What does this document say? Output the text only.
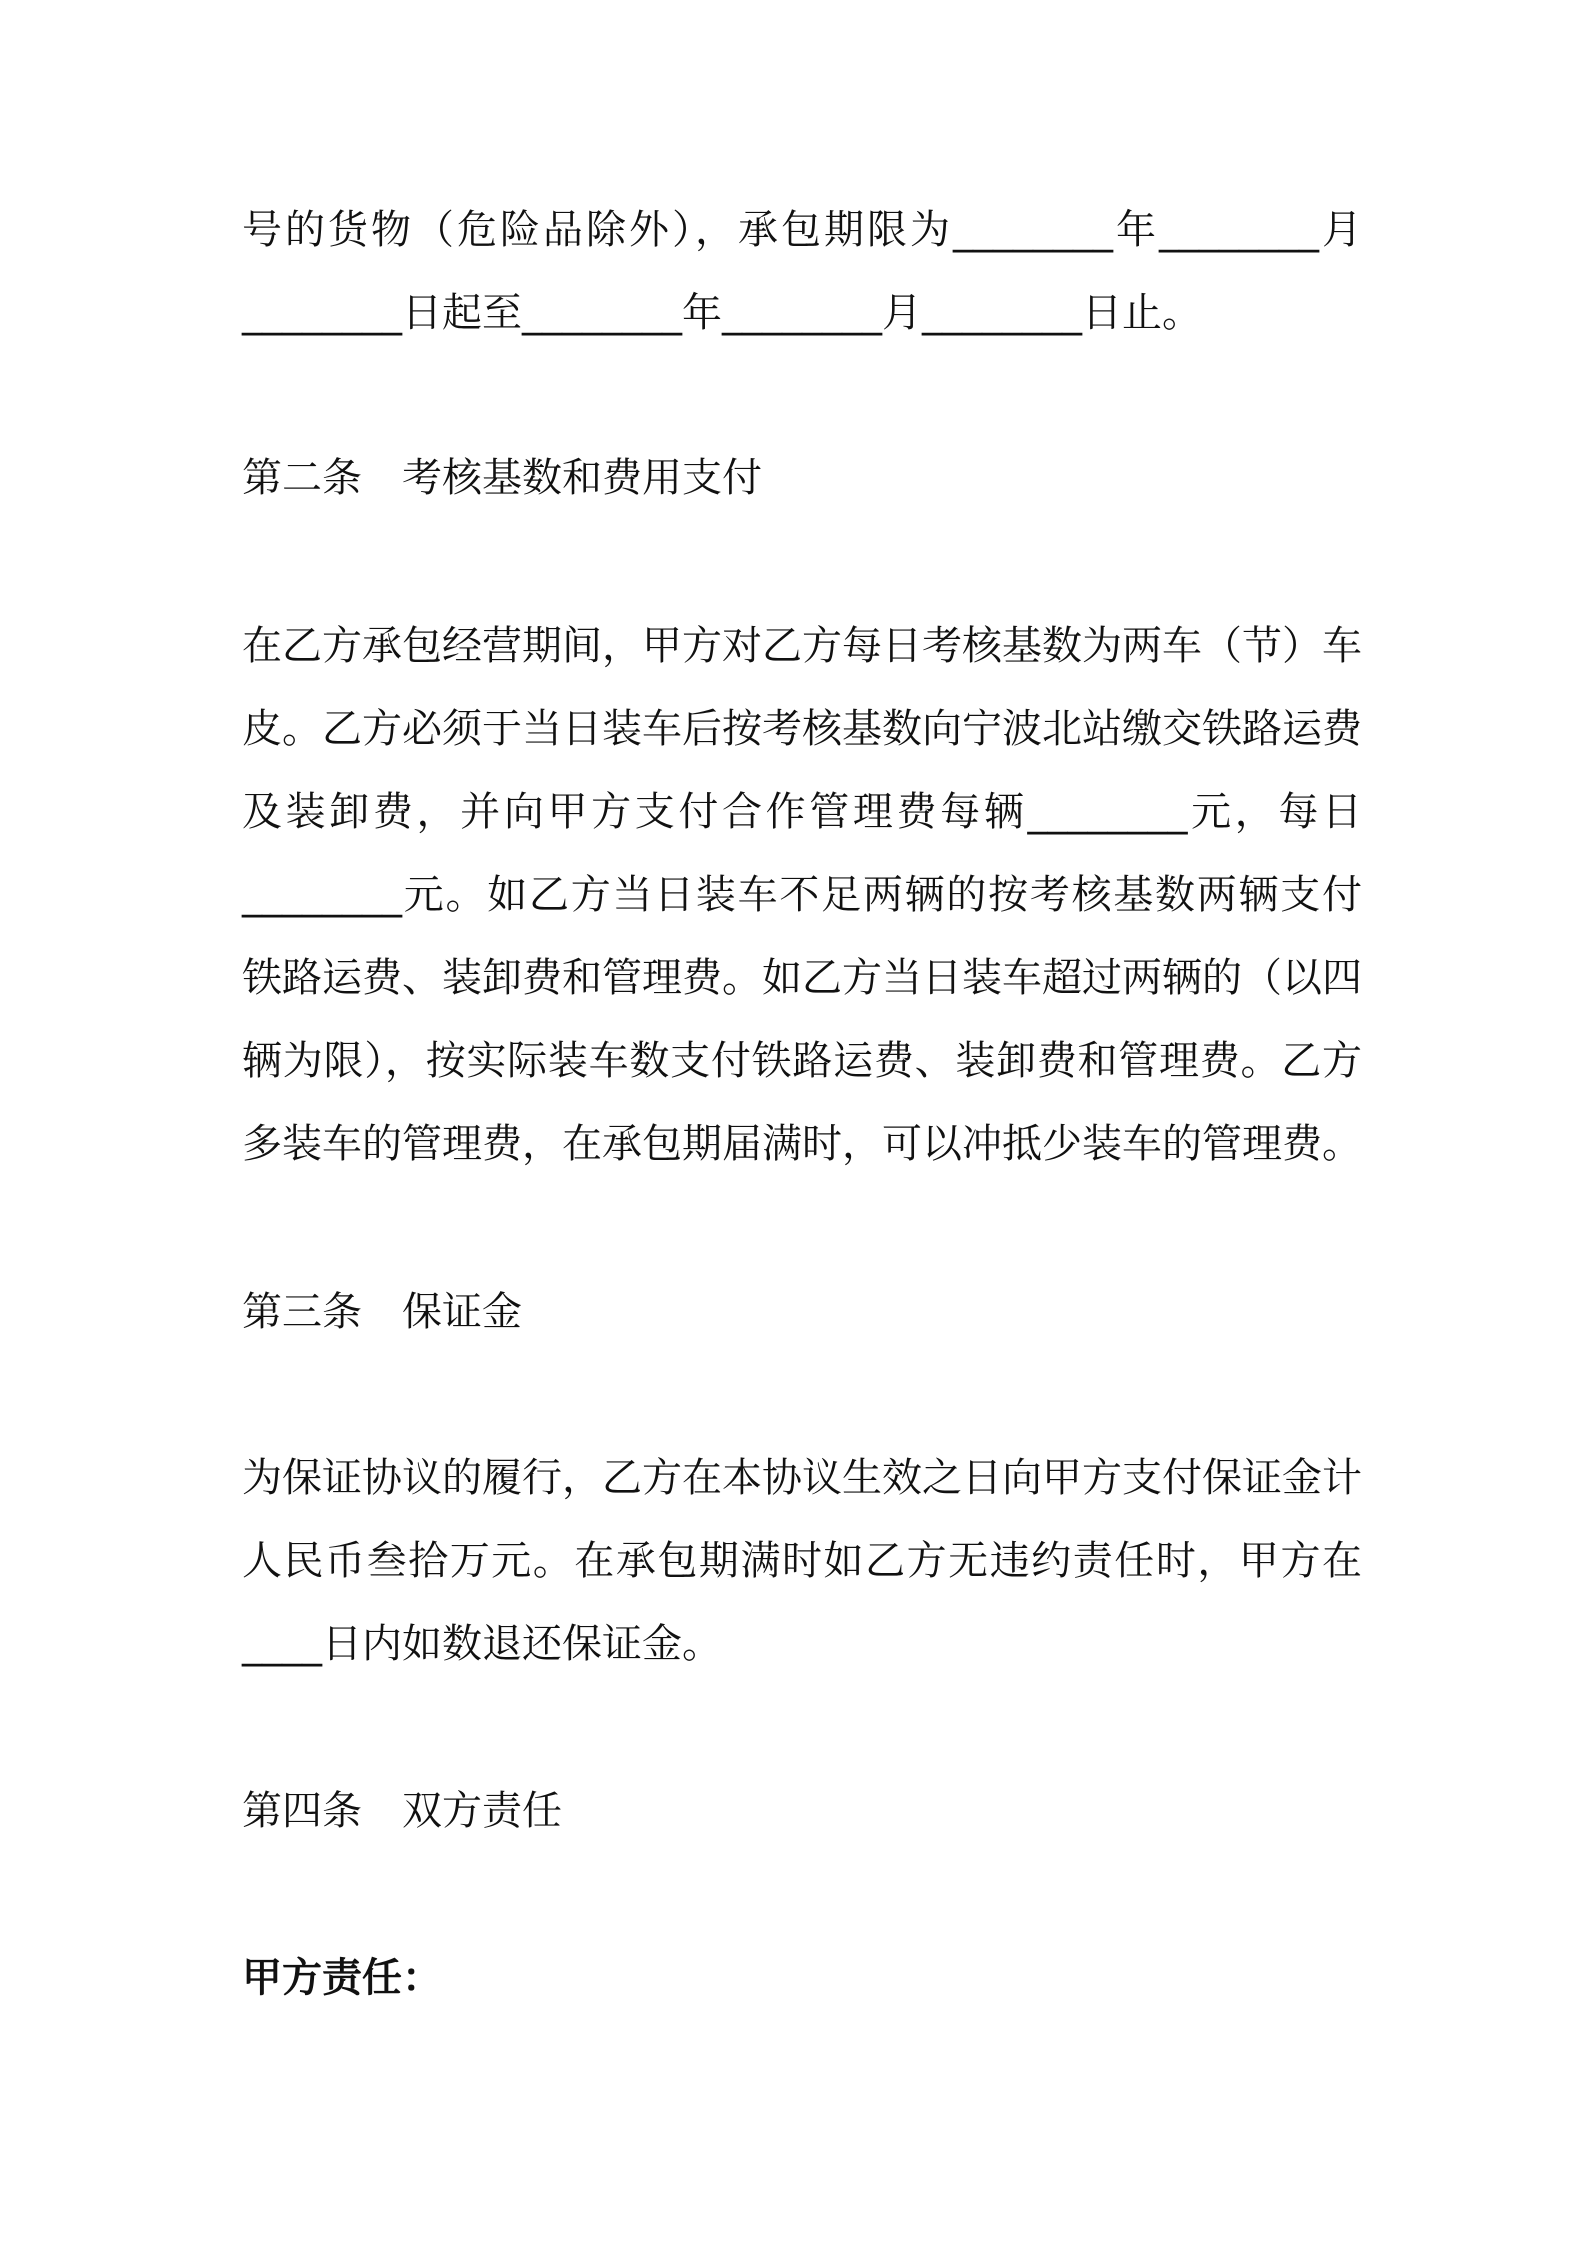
号的货物（危险品除外），承包期限为________年________月
________日起至________年________月________日止。
第二条 考核基数和费用支付
在乙方承包经营期间，甲方对乙方每日考核基数为两车（节）车
皮。乙方必须于当日装车后按考核基数向宁波北站缴交铁路运费
及装卸费，并向甲方支付合作管理费每辆________元，每日
________元。如乙方当日装车不足两辆的按考核基数两辆支付
铁路运费、装卸费和管理费。如乙方当日装车超过两辆的（以四
辆为限），按实际装车数支付铁路运费、装卸费和管理费。乙方
多装车的管理费，在承包期届满时，可以冲抵少装车的管理费。
第三条 保证金
为保证协议的履行，乙方在本协议生效之日向甲方支付保证金计
人民币叁拾万元。在承包期满时如乙方无违约责任时，甲方在
____日内如数退还保证金。
第四条 双方责任
甲方责任：
